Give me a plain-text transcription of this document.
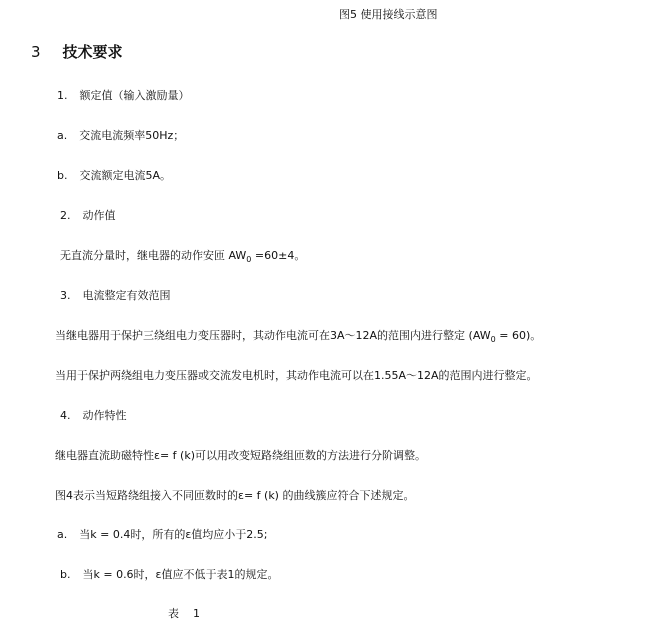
图5 使用接线示意图
3 技术要求
1. 额定值（输入激励量）
a. 交流电流频率50Hz；
b. 交流额定电流5A。
2. 动作值
无直流分量时，继电器的动作安匝 $AW_0 =60\pm 4$。
3. 电流整定有效范围
当继电器用于保护三绕组电力变压器时，其动作电流可在3A～12A的范围内进行整定 $(AW_0 = 60)$。
当用于保护两绕组电力变压器或交流发电机时，其动作电流可以在1.55A～12A的范围内进行整定。
4. 动作特性
继电器直流助磁特性ε= f (k)可以用改变短路绕组匝数的方法进行分阶调整。
图4表示当短路绕组接入不同匝数时的ε= f (k) 的曲线簇应符合下述规定。
a. 当k = 0.4时，所有的ε值均应小于2.5;
b. 当k = 0.6时，ε值应不低于表1的规定。
表 1
